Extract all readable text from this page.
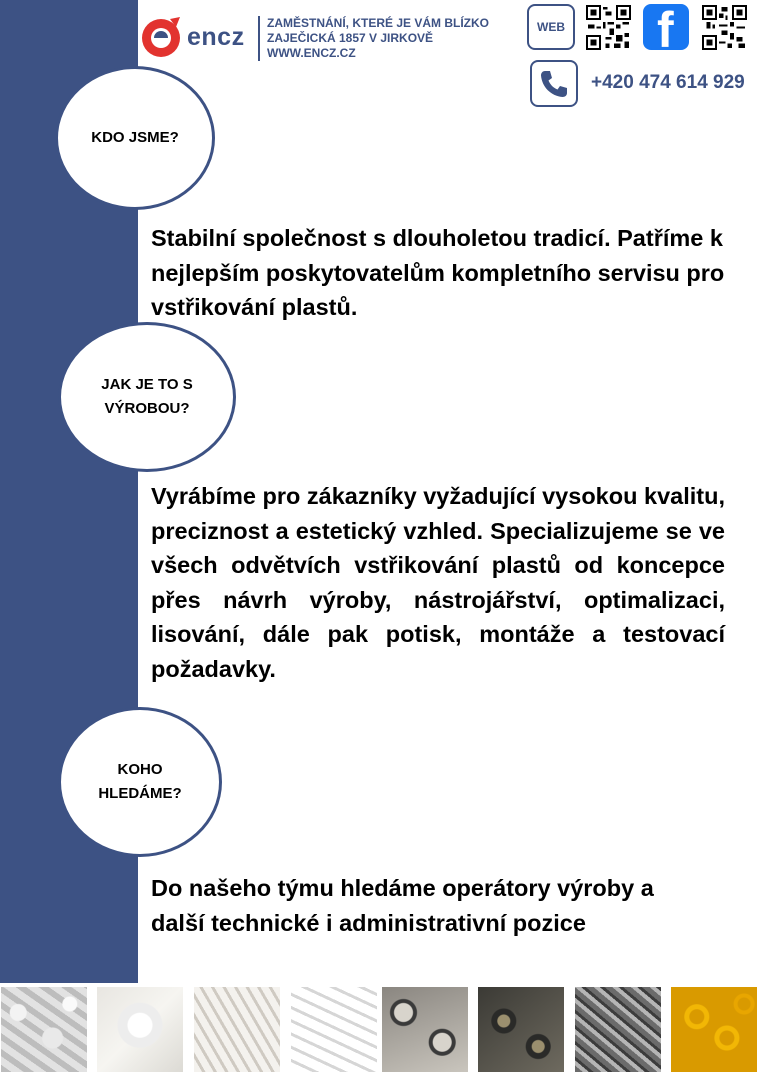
encz ZAMĚSTNÁNÍ, KTERÉ JE VÁM BLÍZKO
ZAJEČICKÁ 1857 V JIRKOVĚ
WWW.ENCZ.CZ
WEB f
+420 474 614 929
KDO JSME?
Stabilní společnost s dlouholetou tradicí. Patříme k nejlepším poskytovatelům kompletního servisu pro vstřikování plastů.
JAK JE TO S
VÝROBOU?
Vyrábíme pro zákazníky vyžadující vysokou kvalitu, preciznost a estetický vzhled. Specializujeme se ve všech odvětvích vstřikování plastů od koncepce přes návrh výroby, nástrojářství, optimalizaci, lisování, dále pak potisk, montáže a testovací požadavky.
KOHO
HLEDÁME?
Do našeho týmu hledáme operátory výroby a další technické i administrativní pozice
